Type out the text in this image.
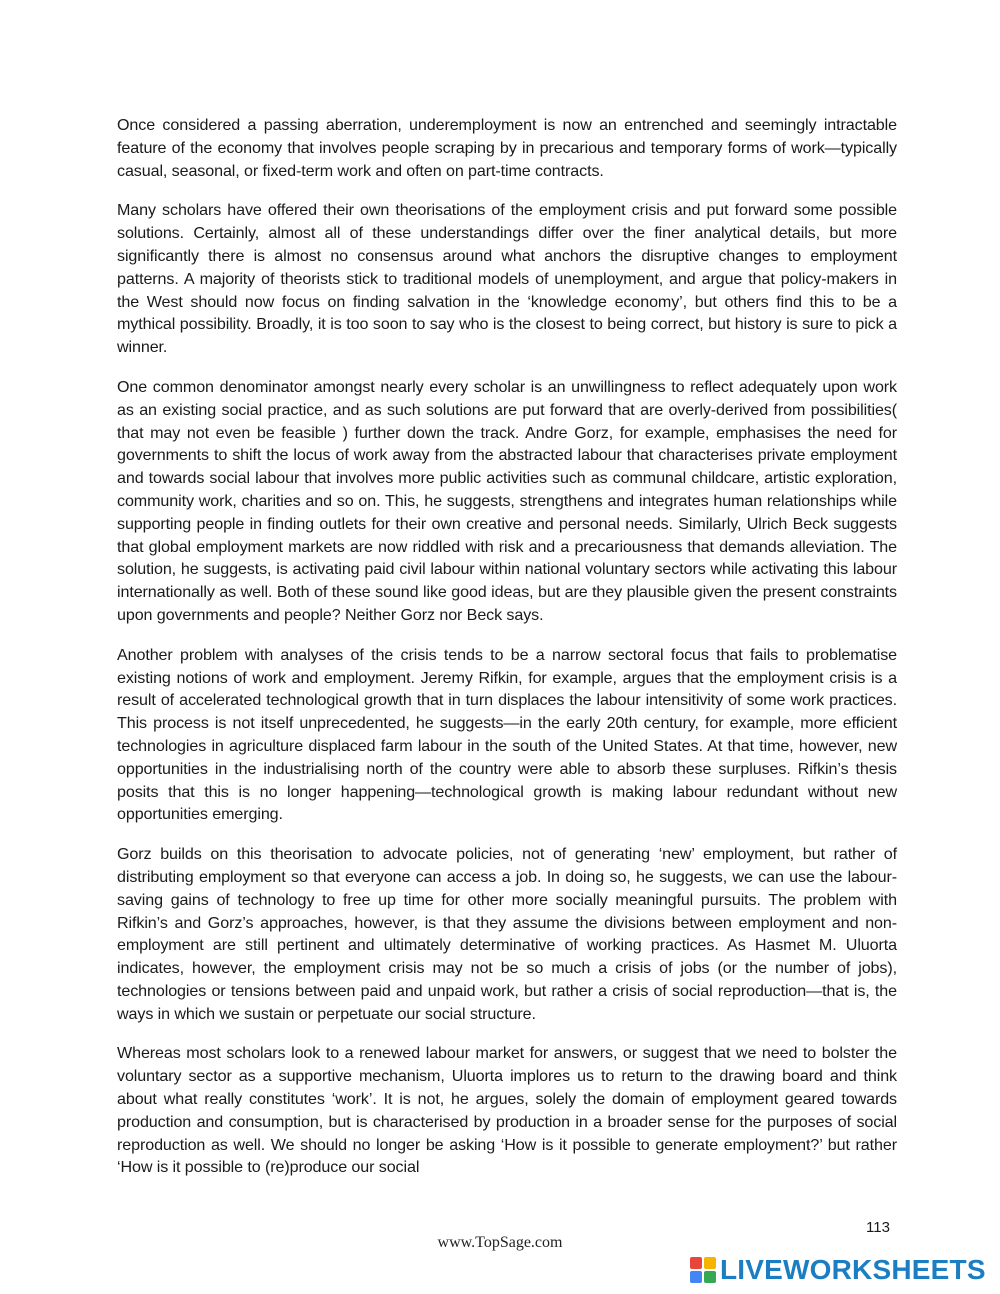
Once considered a passing aberration, underemployment is now an entrenched and seemingly intractable feature of the economy that involves people scraping by in precarious and temporary forms of work—typically casual, seasonal, or fixed-term work and often on part-time contracts.

Many scholars have offered their own theorisations of the employment crisis and put forward some possible solutions. Certainly, almost all of these understandings differ over the finer analytical details, but more significantly there is almost no consensus around what anchors the disruptive changes to employment patterns. A majority of theorists stick to traditional models of unemployment, and argue that policy-makers in the West should now focus on finding salvation in the ‘knowledge economy’, but others find this to be a mythical possibility. Broadly, it is too soon to say who is the closest to being correct, but history is sure to pick a winner.

One common denominator amongst nearly every scholar is an unwillingness to reflect adequately upon work as an existing social practice, and as such solutions are put forward that are overly-derived from possibilities( that may not even be feasible ) further down the track. Andre Gorz, for example, emphasises the need for governments to shift the locus of work away from the abstracted labour that characterises private employment and towards social labour that involves more public activities such as communal childcare, artistic exploration, community work, charities and so on. This, he suggests, strengthens and integrates human relationships while supporting people in finding outlets for their own creative and personal needs. Similarly, Ulrich Beck suggests that global employment markets are now riddled with risk and a precariousness that demands alleviation. The solution, he suggests, is activating paid civil labour within national voluntary sectors while activating this labour internationally as well. Both of these sound like good ideas, but are they plausible given the present constraints upon governments and people? Neither Gorz nor Beck says.

Another problem with analyses of the crisis tends to be a narrow sectoral focus that fails to problematise existing notions of work and employment. Jeremy Rifkin, for example, argues that the employment crisis is a result of accelerated technological growth that in turn displaces the labour intensitivity of some work practices. This process is not itself unprecedented, he suggests—in the early 20th century, for example, more efficient technologies in agriculture displaced farm labour in the south of the United States. At that time, however, new opportunities in the industrialising north of the country were able to absorb these surpluses. Rifkin’s thesis posits that this is no longer happening—technological growth is making labour redundant without new opportunities emerging.

Gorz builds on this theorisation to advocate policies, not of generating ‘new’ employment, but rather of distributing employment so that everyone can access a job. In doing so, he suggests, we can use the labour-saving gains of technology to free up time for other more socially meaningful pursuits. The problem with Rifkin’s and Gorz’s approaches, however, is that they assume the divisions between employment and non-employment are still pertinent and ultimately determinative of working practices. As Hasmet M. Uluorta indicates, however, the employment crisis may not be so much a crisis of jobs (or the number of jobs), technologies or tensions between paid and unpaid work, but rather a crisis of social reproduction—that is, the ways in which we sustain or perpetuate our social structure.

Whereas most scholars look to a renewed labour market for answers, or suggest that we need to bolster the voluntary sector as a supportive mechanism, Uluorta implores us to return to the drawing board and think about what really constitutes ‘work’. It is not, he argues, solely the domain of employment geared towards production and consumption, but is characterised by production in a broader sense for the purposes of social reproduction as well. We should no longer be asking ‘How is it possible to generate employment?’ but rather ‘How is it possible to (re)produce our social

113
www.TopSage.com
LIVEWORKSHEETS
